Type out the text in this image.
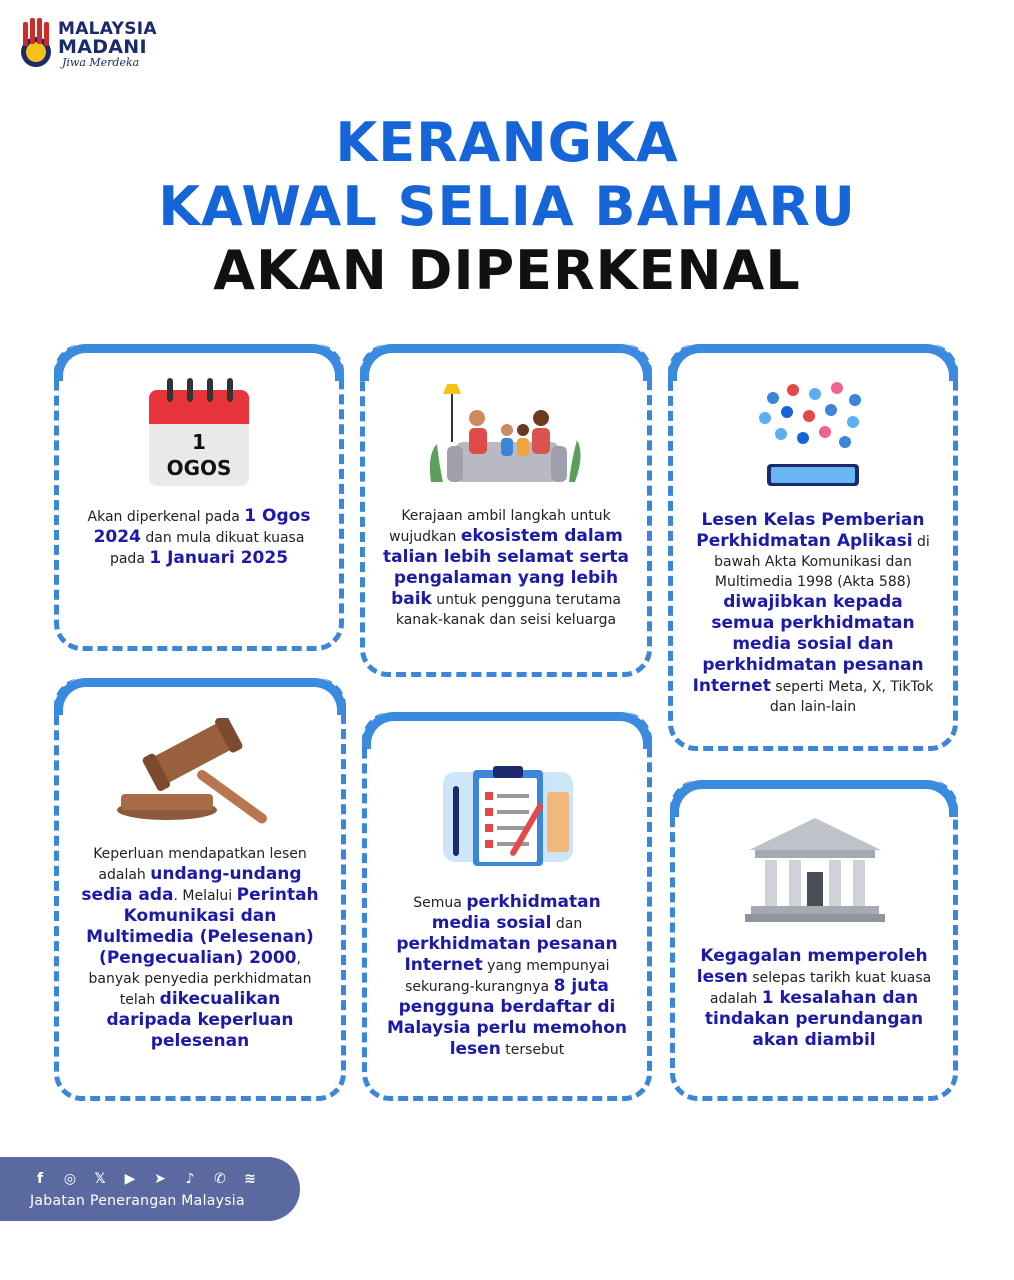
MALAYSIA
MADANI
Jiwa Merdeka
KERANGKA
KAWAL SELIA BAHARU
AKAN DIPERKENAL
1
OGOS
Akan diperkenal pada 1 Ogos 2024 dan mula dikuat kuasa pada 1 Januari 2025
Kerajaan ambil langkah untuk wujudkan ekosistem dalam talian lebih selamat serta pengalaman yang lebih baik untuk pengguna terutama kanak-kanak dan seisi keluarga
Lesen Kelas Pemberian Perkhidmatan Aplikasi di bawah Akta Komunikasi dan Multimedia 1998 (Akta 588) diwajibkan kepada semua perkhidmatan media sosial dan perkhidmatan pesanan Internet seperti Meta, X, TikTok dan lain-lain
Keperluan mendapatkan lesen adalah undang-undang sedia ada. Melalui Perintah Komunikasi dan Multimedia (Pelesenan) (Pengecualian) 2000, banyak penyedia perkhidmatan telah dikecualikan daripada keperluan pelesenan
Semua perkhidmatan media sosial dan perkhidmatan pesanan Internet yang mempunyai sekurang-kurangnya 8 juta pengguna berdaftar di Malaysia perlu memohon lesen tersebut
Kegagalan memperoleh lesen selepas tarikh kuat kuasa adalah 1 kesalahan dan tindakan perundangan akan diambil
f	◎	𝕏	▶	➤	♪	✆ ≋
Jabatan Penerangan Malaysia
